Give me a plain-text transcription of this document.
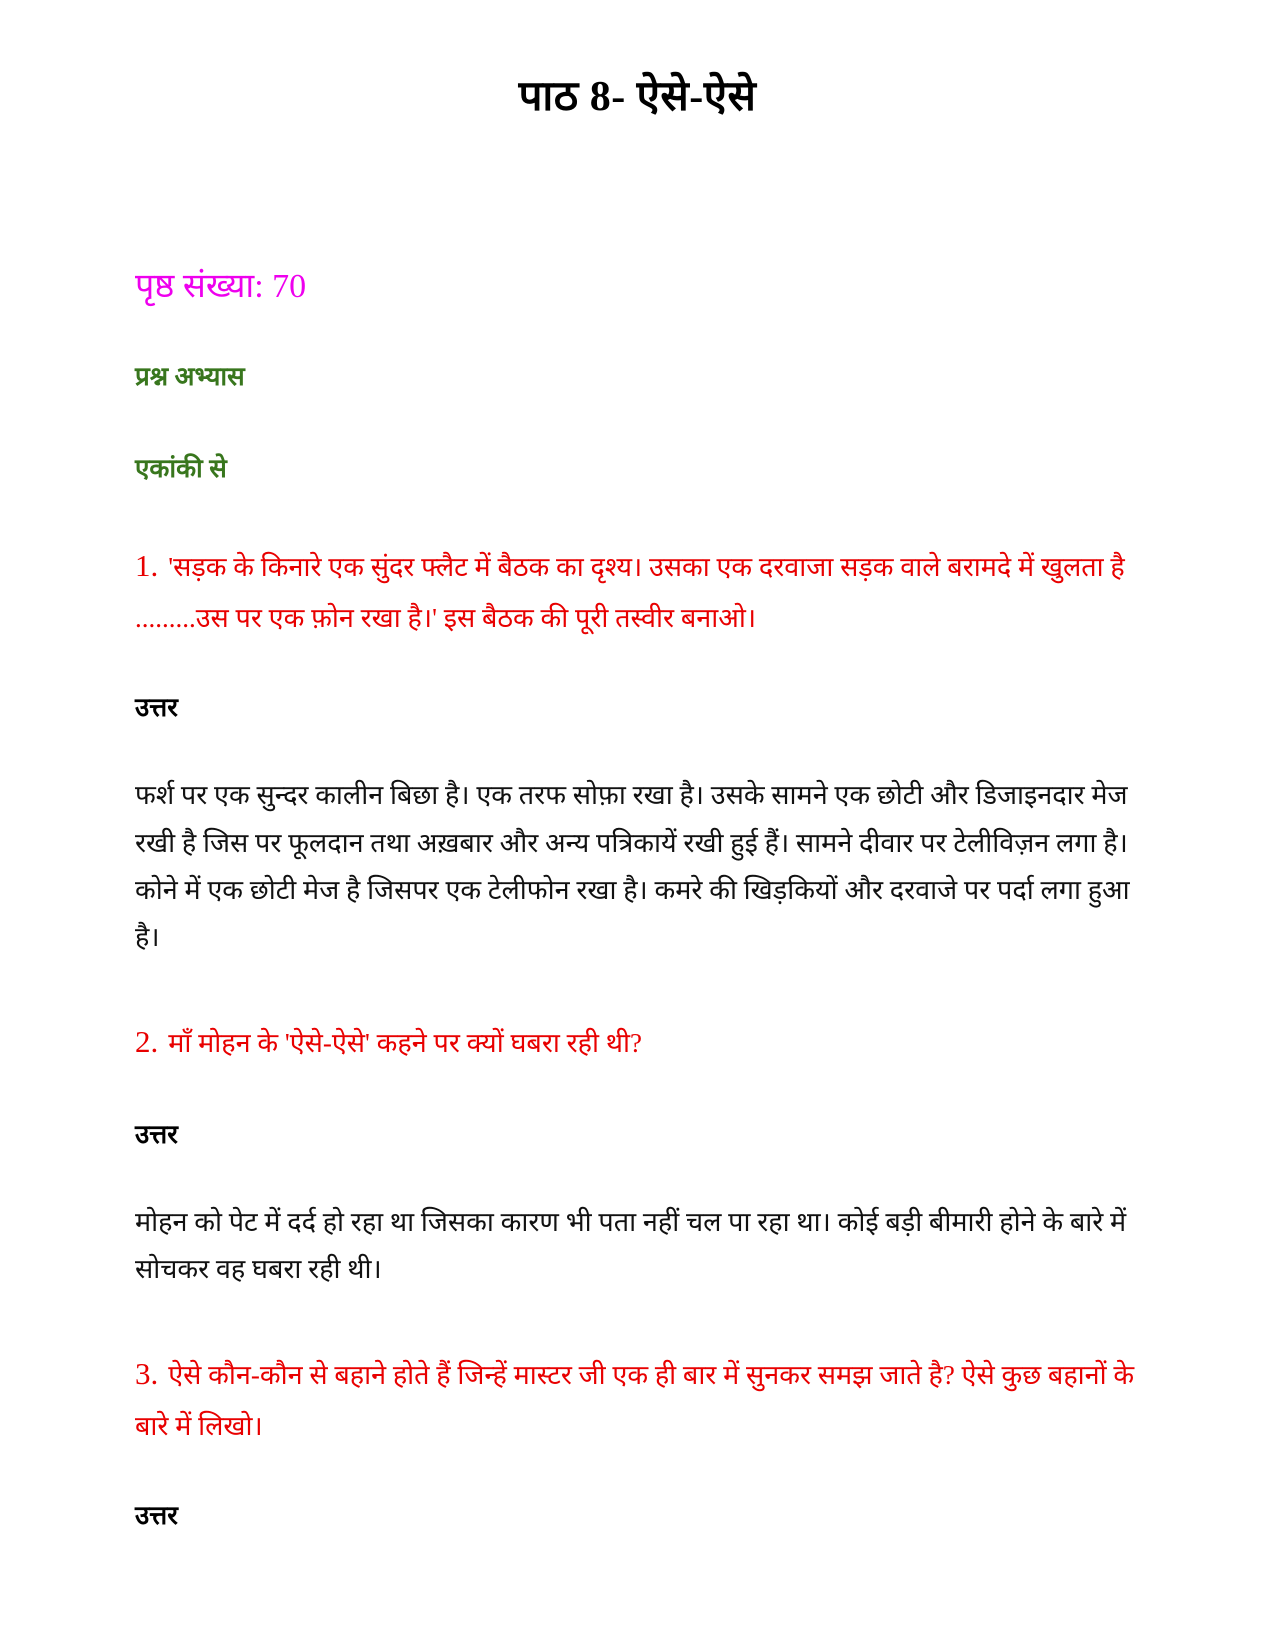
पाठ 8- ऐसे-ऐसे
पृष्ठ संख्या: 70
प्रश्न अभ्यास
एकांकी से

1. 'सड़क के किनारे एक सुंदर फ्लैट में बैठक का दृश्य। उसका एक दरवाजा सड़क वाले बरामदे में खुलता है .........उस पर एक फ़ोन रखा है।' इस बैठक की पूरी तस्वीर बनाओ।

उत्तर

फर्श पर एक सुन्दर कालीन बिछा है। एक तरफ सोफ़ा रखा है। उसके सामने एक छोटी और डिजाइनदार मेज रखी है जिस पर फूलदान तथा अख़बार और अन्य पत्रिकायें रखी हुई हैं। सामने दीवार पर टेलीविज़न लगा है। कोने में एक छोटी मेज है जिसपर एक टेलीफोन रखा है। कमरे की खिड़कियों और दरवाजे पर पर्दा लगा हुआ है।

2. माँ मोहन के 'ऐसे-ऐसे' कहने पर क्यों घबरा रही थी?

उत्तर

मोहन को पेट में दर्द हो रहा था जिसका कारण भी पता नहीं चल पा रहा था। कोई बड़ी बीमारी होने के बारे में सोचकर वह घबरा रही थी।

3. ऐसे कौन-कौन से बहाने होते हैं जिन्हें मास्टर जी एक ही बार में सुनकर समझ जाते है? ऐसे कुछ बहानों के बारे में लिखो।

उत्तर
